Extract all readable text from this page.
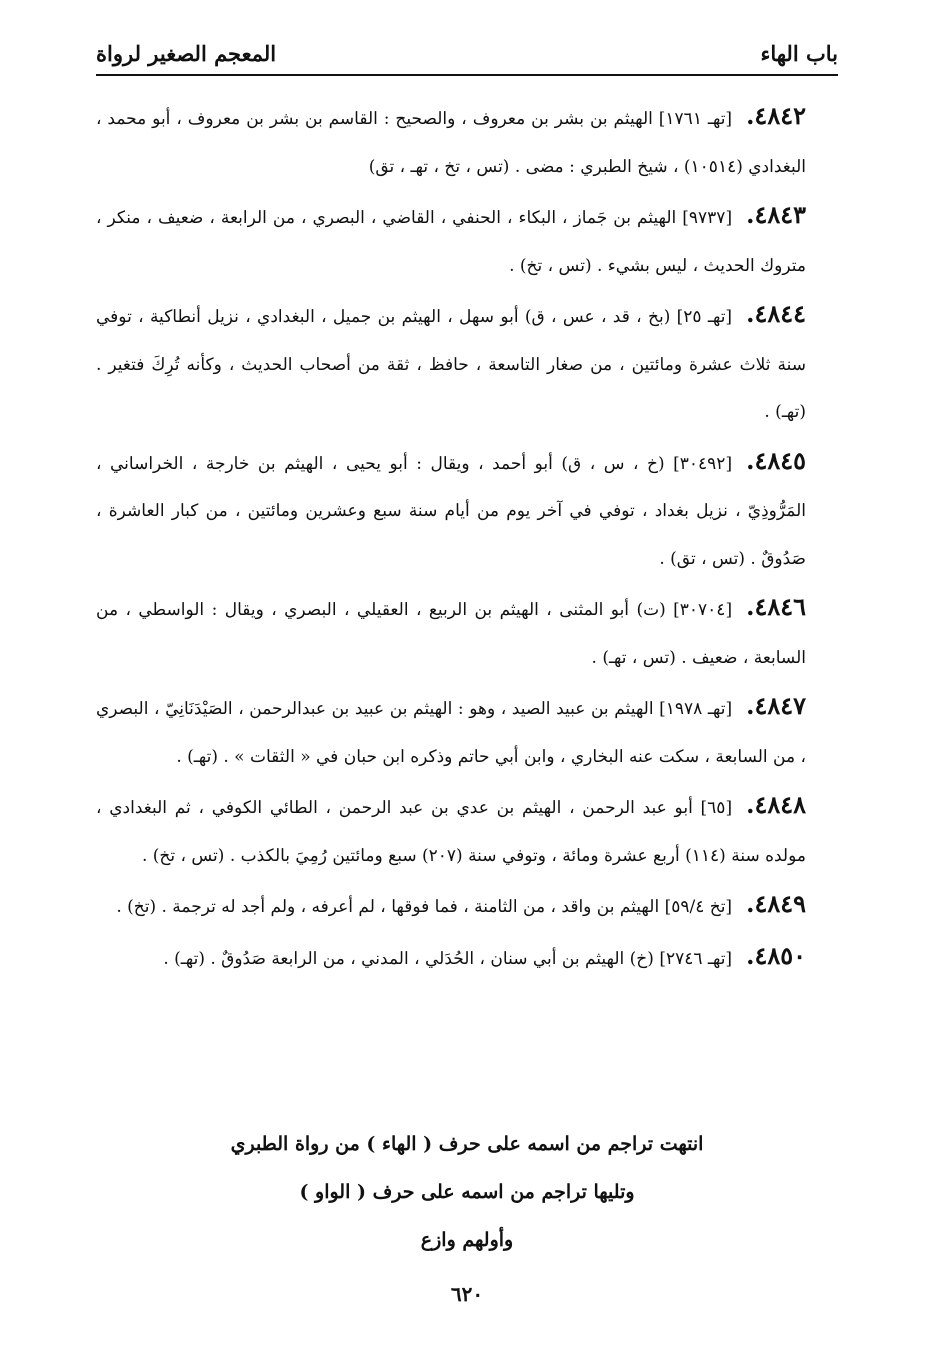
المعجم الصغير لرواة	باب الهاء

٤٨٤٢.[تهـ ١٧٦١] الهيثم بن بشر بن معروف ، والصحيح : القاسم بن بشر بن معروف ، أبو محمد ، البغدادي (١٠٥١٤) ، شيخ الطبري : مضى . (تس ، تخ ، تهـ ، تق)

٤٨٤٣.[٩٧٣٧] الهيثم بن جَماز ، البكاء ، الحنفي ، القاضي ، البصري ، من الرابعة ، ضعيف ، منكر ، متروك الحديث ، ليس بشيء . (تس ، تخ) .

٤٨٤٤.[تهـ ٢٥] (بخ ، قد ، عس ، ق) أبو سهل ، الهيثم بن جميل ، البغدادي ، نزيل أنطاكية ، توفي سنة ثلاث عشرة ومائتين ، من صغار التاسعة ، حافظ ، ثقة من أصحاب الحديث ، وكأنه تُرِكَ فتغير . (تهـ) .

٤٨٤٥.[٣٠٤٩٢] (خ ، س ، ق) أبو أحمد ، ويقال : أبو يحيى ، الهيثم بن خارجة ، الخراساني ، المَرُّوذِيّ ، نزيل بغداد ، توفي في آخر يوم من أيام سنة سبع وعشرين ومائتين ، من كبار العاشرة ، صَدُوقٌ . (تس ، تق) .

٤٨٤٦.[٣٠٧٠٤] (ت) أبو المثنى ، الهيثم بن الربيع ، العقيلي ، البصري ، ويقال : الواسطي ، من السابعة ، ضعيف . (تس ، تهـ) .

٤٨٤٧.[تهـ ١٩٧٨] الهيثم بن عبيد الصيد ، وهو : الهيثم بن عبيد بن عبدالرحمن ، الصَيْدَنَانِيّ ، البصري ، من السابعة ، سكت عنه البخاري ، وابن أبي حاتم وذكره ابن حبان في « الثقات » . (تهـ) .

٤٨٤٨.[٦٥] أبو عبد الرحمن ، الهيثم بن عدي بن عبد الرحمن ، الطائي الكوفي ، ثم البغدادي ، مولده سنة (١١٤) أربع عشرة ومائة ، وتوفي سنة (٢٠٧) سبع ومائتين رُمِيَ بالكذب . (تس ، تخ) .

٤٨٤٩.[تخ ٥٩/٤] الهيثم بن واقد ، من الثامنة ، فما فوقها ، لم أعرفه ، ولم أجد له ترجمة . (تخ) .

٤٨٥٠.[تهـ ٢٧٤٦] (خ) الهيثم بن أبي سنان ، الحُدَلي ، المدني ، من الرابعة صَدُوقٌ . (تهـ) .

انتهت تراجم من اسمه على حرف ( الهاء ) من رواة الطبري
وتليها تراجم من اسمه على حرف ( الواو )
وأولهم وازع
٦٢٠
